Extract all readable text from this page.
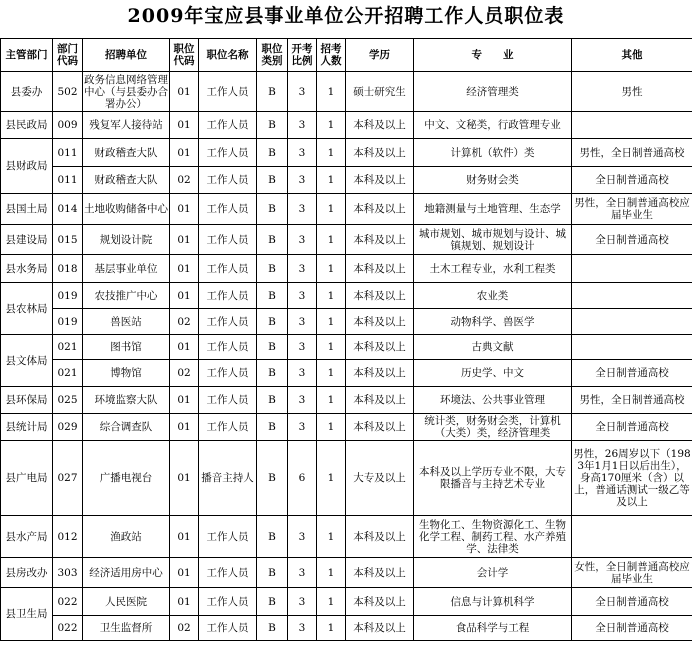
2009年宝应县事业单位公开招聘工作人员职位表
主管部门	部门代码	招聘单位	职位代码	职位名称	职位类别	开考比例	招考人数	学历	专　　业	其他
县委办	502	政务信息网络管理中心（与县委办合署办公）	01	工作人员	B	3	1	硕士研究生	经济管理类	男性
县民政局	009	残复军人接待站	01	工作人员	B	3	1	本科及以上	中文、文秘类，行政管理专业	
县财政局	011	财政稽查大队	01	工作人员	B	3	1	本科及以上	计算机（软件）类	男性，全日制普通高校
	011	财政稽查大队	02	工作人员	B	3	1	本科及以上	财务财会类	全日制普通高校
县国土局	014	土地收购储备中心	01	工作人员	B	3	1	本科及以上	地籍测量与土地管理、生态学	男性，全日制普通高校应届毕业生
县建设局	015	规划设计院	01	工作人员	B	3	1	本科及以上	城市规划、城市规划与设计、城镇规划、规划设计	全日制普通高校
县水务局	018	基层事业单位	01	工作人员	B	3	1	本科及以上	土木工程专业，水利工程类	
县农林局	019	农技推广中心	01	工作人员	B	3	1	本科及以上	农业类	
	019	兽医站	02	工作人员	B	3	1	本科及以上	动物科学、兽医学	
县文体局	021	图书馆	01	工作人员	B	3	1	本科及以上	古典文献	
	021	博物馆	02	工作人员	B	3	1	本科及以上	历史学、中文	全日制普通高校
县环保局	025	环境监察大队	01	工作人员	B	3	1	本科及以上	环境法、公共事业管理	男性，全日制普通高校
县统计局	029	综合调查队	01	工作人员	B	3	1	本科及以上	统计类，财务财会类，计算机（大类）类，经济管理类	全日制普通高校
县广电局	027	广播电视台	01	播音主持人	B	6	1	大专及以上	本科及以上学历专业不限，大专限播音与主持艺术专业	男性，26周岁以下（1983年1月1日以后出生），身高170厘米（含）以上，普通话测试一级乙等及以上
县水产局	012	渔政站	01	工作人员	B	3	1	本科及以上	生物化工、生物资源化工、生物化学工程、制药工程、水产养殖学、法律类	
县房改办	303	经济适用房中心	01	工作人员	B	3	1	本科及以上	会计学	女性，全日制普通高校应届毕业生
县卫生局	022	人民医院	01	工作人员	B	3	1	本科及以上	信息与计算机科学	全日制普通高校
	022	卫生监督所	02	工作人员	B	3	1	本科及以上	食品科学与工程	全日制普通高校
